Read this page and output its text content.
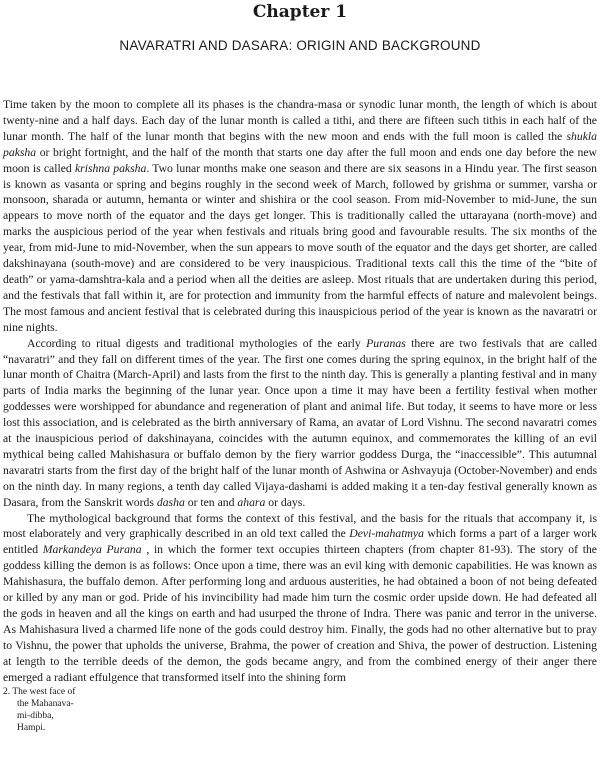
Chapter 1
NAVARATRI AND DASARA: ORIGIN AND BACKGROUND

Time taken by the moon to complete all its phases is the chandra-masa or synodic lunar month, the length of which is about twenty-nine and a half days. Each day of the lunar month is called a tithi, and there are fifteen such tithis in each half of the lunar month. The half of the lunar month that begins with the new moon and ends with the full moon is called the shukla paksha or bright fortnight, and the half of the month that starts one day after the full moon and ends one day before the new moon is called krishna paksha. Two lunar months make one season and there are six seasons in a Hindu year. The first season is known as vasanta or spring and begins roughly in the second week of March, followed by grishma or summer, varsha or monsoon, sharada or autumn, hemanta or winter and shishira or the cool season. From mid-November to mid-June, the sun appears to move north of the equator and the days get longer. This is traditionally called the uttarayana (north-move) and marks the auspicious period of the year when festivals and rituals bring good and favourable results. The six months of the year, from mid-June to mid-November, when the sun appears to move south of the equator and the days get shorter, are called dakshinayana (south-move) and are considered to be very inauspicious. Traditional texts call this the time of the “bite of death” or yama-damshtra-kala and a period when all the deities are asleep. Most rituals that are undertaken during this period, and the festivals that fall within it, are for protection and immunity from the harmful effects of nature and malevolent beings. The most famous and ancient festival that is celebrated during this inauspicious period of the year is known as the navaratri or nine nights.

According to ritual digests and traditional mythologies of the early Puranas there are two festivals that are called “navaratri” and they fall on different times of the year. The first one comes during the spring equinox, in the bright half of the lunar month of Chaitra (March-April) and lasts from the first to the ninth day. This is generally a planting festival and in many parts of India marks the beginning of the lunar year. Once upon a time it may have been a fertility festival when mother goddesses were worshipped for abundance and regeneration of plant and animal life. But today, it seems to have more or less lost this association, and is celebrated as the birth anniversary of Rama, an avatar of Lord Vishnu. The second navaratri comes at the inauspicious period of dakshinayana, coincides with the autumn equinox, and commemorates the killing of an evil mythical being called Mahishasura or buffalo demon by the fiery warrior goddess Durga, the “inaccessible”. This autumnal navaratri starts from the first day of the bright half of the lunar month of Ashwina or Ashvayuja (October-November) and ends on the ninth day. In many regions, a tenth day called Vijaya-dashami is added making it a ten-day festival generally known as Dasara, from the Sanskrit words dasha or ten and ahara or days.

The mythological background that forms the context of this festival, and the basis for the rituals that accompany it, is most elaborately and very graphically described in an old text called the Devi-mahatmya which forms a part of a larger work entitled Markandeya Purana , in which the former text occupies thirteen chapters (from chapter 81-93). The story of the goddess killing the demon is as follows: Once upon a time, there was an evil king with demonic capabilities. He was known as Mahishasura, the buffalo demon. After performing long and arduous austerities, he had obtained a boon of not being defeated or killed by any man or god. Pride of his invincibility had made him turn the cosmic order upside down. He had defeated all the gods in heaven and all the kings on earth and had usurped the throne of Indra. There was panic and terror in the universe. As Mahishasura lived a charmed life none of the gods could destroy him. Finally, the gods had no other alternative but to pray to Vishnu, the power that upholds the universe, Brahma, the power of creation and Shiva, the power of destruction. Listening at length to the terrible deeds of the demon, the gods became angry, and from the combined energy of their anger there emerged a radiant effulgence that transformed itself into the shining form

2. The west face of
the Mahanava-
mi-dibba,
Hampi.
